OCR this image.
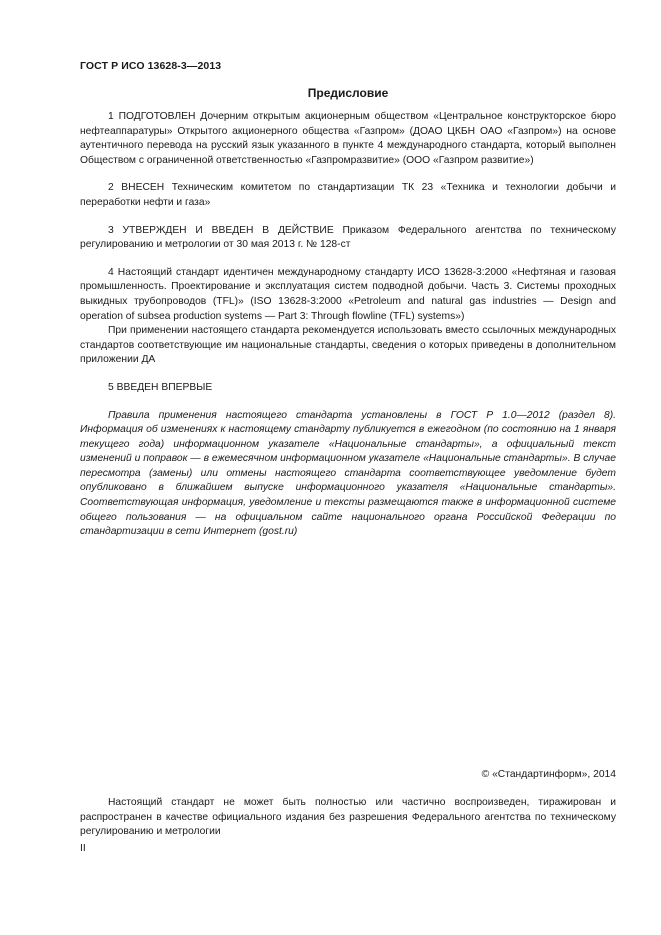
ГОСТ Р ИСО 13628-3—2013
Предисловие

1 ПОДГОТОВЛЕН Дочерним открытым акционерным обществом «Центральное конструкторское бюро нефтеаппаратуры» Открытого акционерного общества «Газпром» (ДОАО ЦКБН ОАО «Газпром») на основе аутентичного перевода на русский язык указанного в пункте 4 международного стандарта, который выполнен Обществом с ограниченной ответственностью «Газпромразвитие» (ООО «Газпром развитие»)

2 ВНЕСЕН Техническим комитетом по стандартизации ТК 23 «Техника и технологии добычи и переработки нефти и газа»

3 УТВЕРЖДЕН И ВВЕДЕН В ДЕЙСТВИЕ Приказом Федерального агентства по техническому регулированию и метрологии от 30 мая 2013 г. № 128-ст

4 Настоящий стандарт идентичен международному стандарту ИСО 13628-3:2000 «Нефтяная и газовая промышленность. Проектирование и эксплуатация систем подводной добычи. Часть 3. Системы проходных выкидных трубопроводов (TFL)» (ISO 13628-3:2000 «Petroleum and natural gas industries — Design and operation of subsea production systems — Part 3: Through flowline (TFL) systems»)

При применении настоящего стандарта рекомендуется использовать вместо ссылочных международных стандартов соответствующие им национальные стандарты, сведения о которых приведены в дополнительном приложении ДА

5 ВВЕДЕН ВПЕРВЫЕ

Правила применения настоящего стандарта установлены в ГОСТ Р 1.0—2012 (раздел 8). Информация об изменениях к настоящему стандарту публикуется в ежегодном (по состоянию на 1 января текущего года) информационном указателе «Национальные стандарты», а официальный текст изменений и поправок — в ежемесячном информационном указателе «Национальные стандарты». В случае пересмотра (замены) или отмены настоящего стандарта соответствующее уведомление будет опубликовано в ближайшем выпуске информационного указателя «Национальные стандарты». Соответствующая информация, уведомление и тексты размещаются также в информационной системе общего пользования — на официальном сайте национального органа Российской Федерации по стандартизации в сети Интернет (gost.ru)

© «Стандартинформ», 2014

Настоящий стандарт не может быть полностью или частично воспроизведен, тиражирован и распространен в качестве официального издания без разрешения Федерального агентства по техническому регулированию и метрологии

II
